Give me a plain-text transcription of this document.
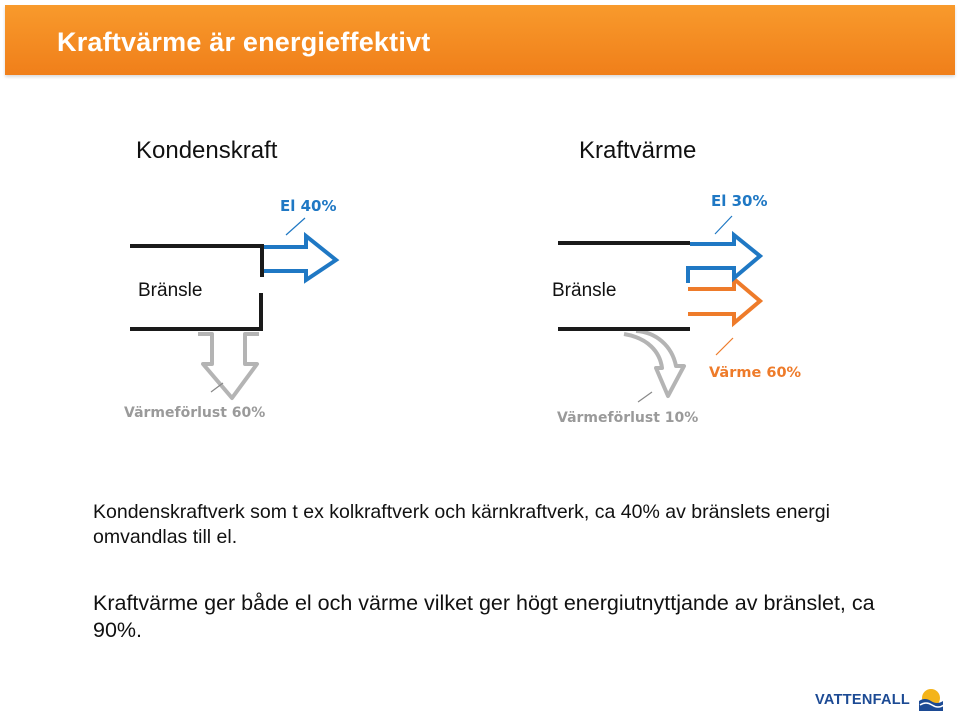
Kraftvärme är energieffektivt
Kondenskraft	Kraftvärme
Bränsle
El 40%
Värmeförlust 60%
Bränsle
El 30%
Värme 60%
Värmeförlust 10%
Kondenskraftverk som t ex kolkraftverk och kärnkraftverk, ca 40% av bränslets energi omvandlas till el.
Kraftvärme ger både el och värme vilket ger högt energiutnyttjande av bränslet, ca 90%.
VATTENFALL
